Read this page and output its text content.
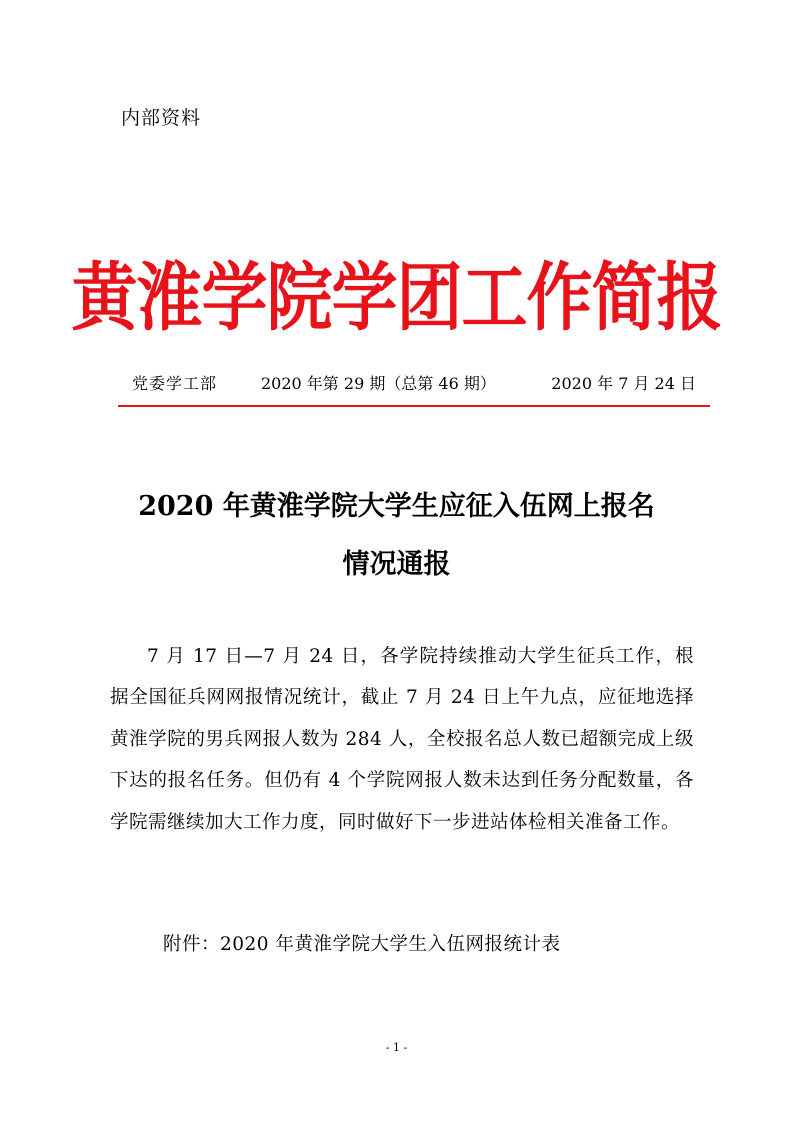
内部资料
黄淮学院学团工作简报
党委学工部	2020 年第 29 期（总第 46 期）	2020 年 7 月 24 日
2020 年黄淮学院大学生应征入伍网上报名
情况通报
7 月 17 日—7 月 24 日，各学院持续推动大学生征兵工作，根据全国征兵网网报情况统计，截止 7 月 24 日上午九点，应征地选择黄淮学院的男兵网报人数为 284 人，全校报名总人数已超额完成上级下达的报名任务。但仍有 4 个学院网报人数未达到任务分配数量，各学院需继续加大工作力度，同时做好下一步进站体检相关准备工作。
附件：2020 年黄淮学院大学生入伍网报统计表
- 1 -
